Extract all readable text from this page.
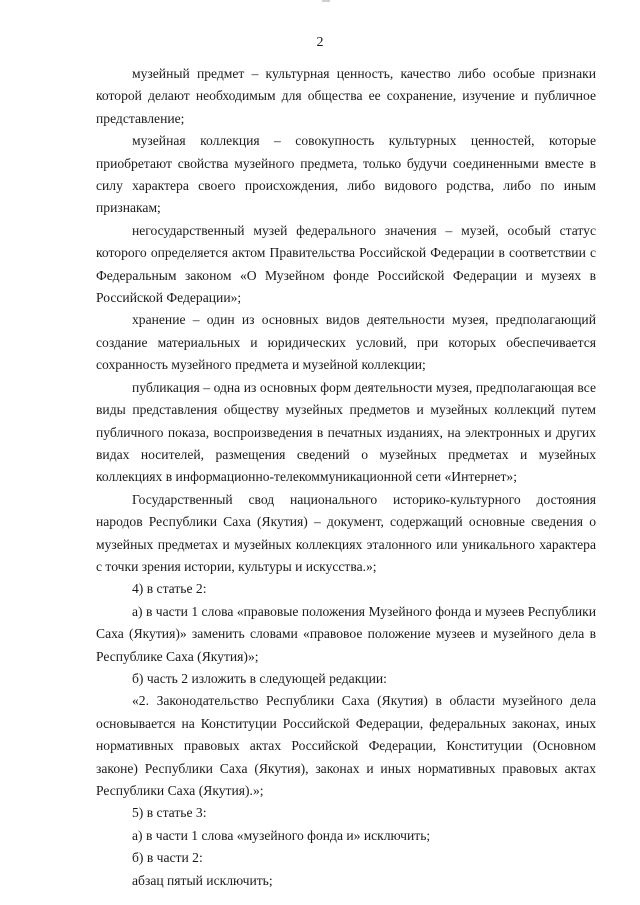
2

музейный предмет – культурная ценность, качество либо особые признаки которой делают необходимым для общества ее сохранение, изучение и публичное представление;

музейная коллекция – совокупность культурных ценностей, которые приобретают свойства музейного предмета, только будучи соединенными вместе в силу характера своего происхождения, либо видового родства, либо по иным признакам;

негосударственный музей федерального значения – музей, особый статус которого определяется актом Правительства Российской Федерации в соответствии с Федеральным законом «О Музейном фонде Российской Федерации и музеях в Российской Федерации»;

хранение – один из основных видов деятельности музея, предполагающий создание материальных и юридических условий, при которых обеспечивается сохранность музейного предмета и музейной коллекции;

публикация – одна из основных форм деятельности музея, предполагающая все виды представления обществу музейных предметов и музейных коллекций путем публичного показа, воспроизведения в печатных изданиях, на электронных и других видах носителей, размещения сведений о музейных предметах и музейных коллекциях в информационно-телекоммуникационной сети «Интернет»;

Государственный свод национального историко-культурного достояния народов Республики Саха (Якутия) – документ, содержащий основные сведения о музейных предметах и музейных коллекциях эталонного или уникального характера с точки зрения истории, культуры и искусства.»;

4) в статье 2:

а) в части 1 слова «правовые положения Музейного фонда и музеев Республики Саха (Якутия)» заменить словами «правовое положение музеев и музейного дела в Республике Саха (Якутия)»;

б) часть 2 изложить в следующей редакции:

«2. Законодательство Республики Саха (Якутия) в области музейного дела основывается на Конституции Российской Федерации, федеральных законах, иных нормативных правовых актах Российской Федерации, Конституции (Основном законе) Республики Саха (Якутия), законах и иных нормативных правовых актах Республики Саха (Якутия).»;

5) в статье 3:

а) в части 1 слова «музейного фонда и» исключить;

б) в части 2:

абзац пятый исключить;
